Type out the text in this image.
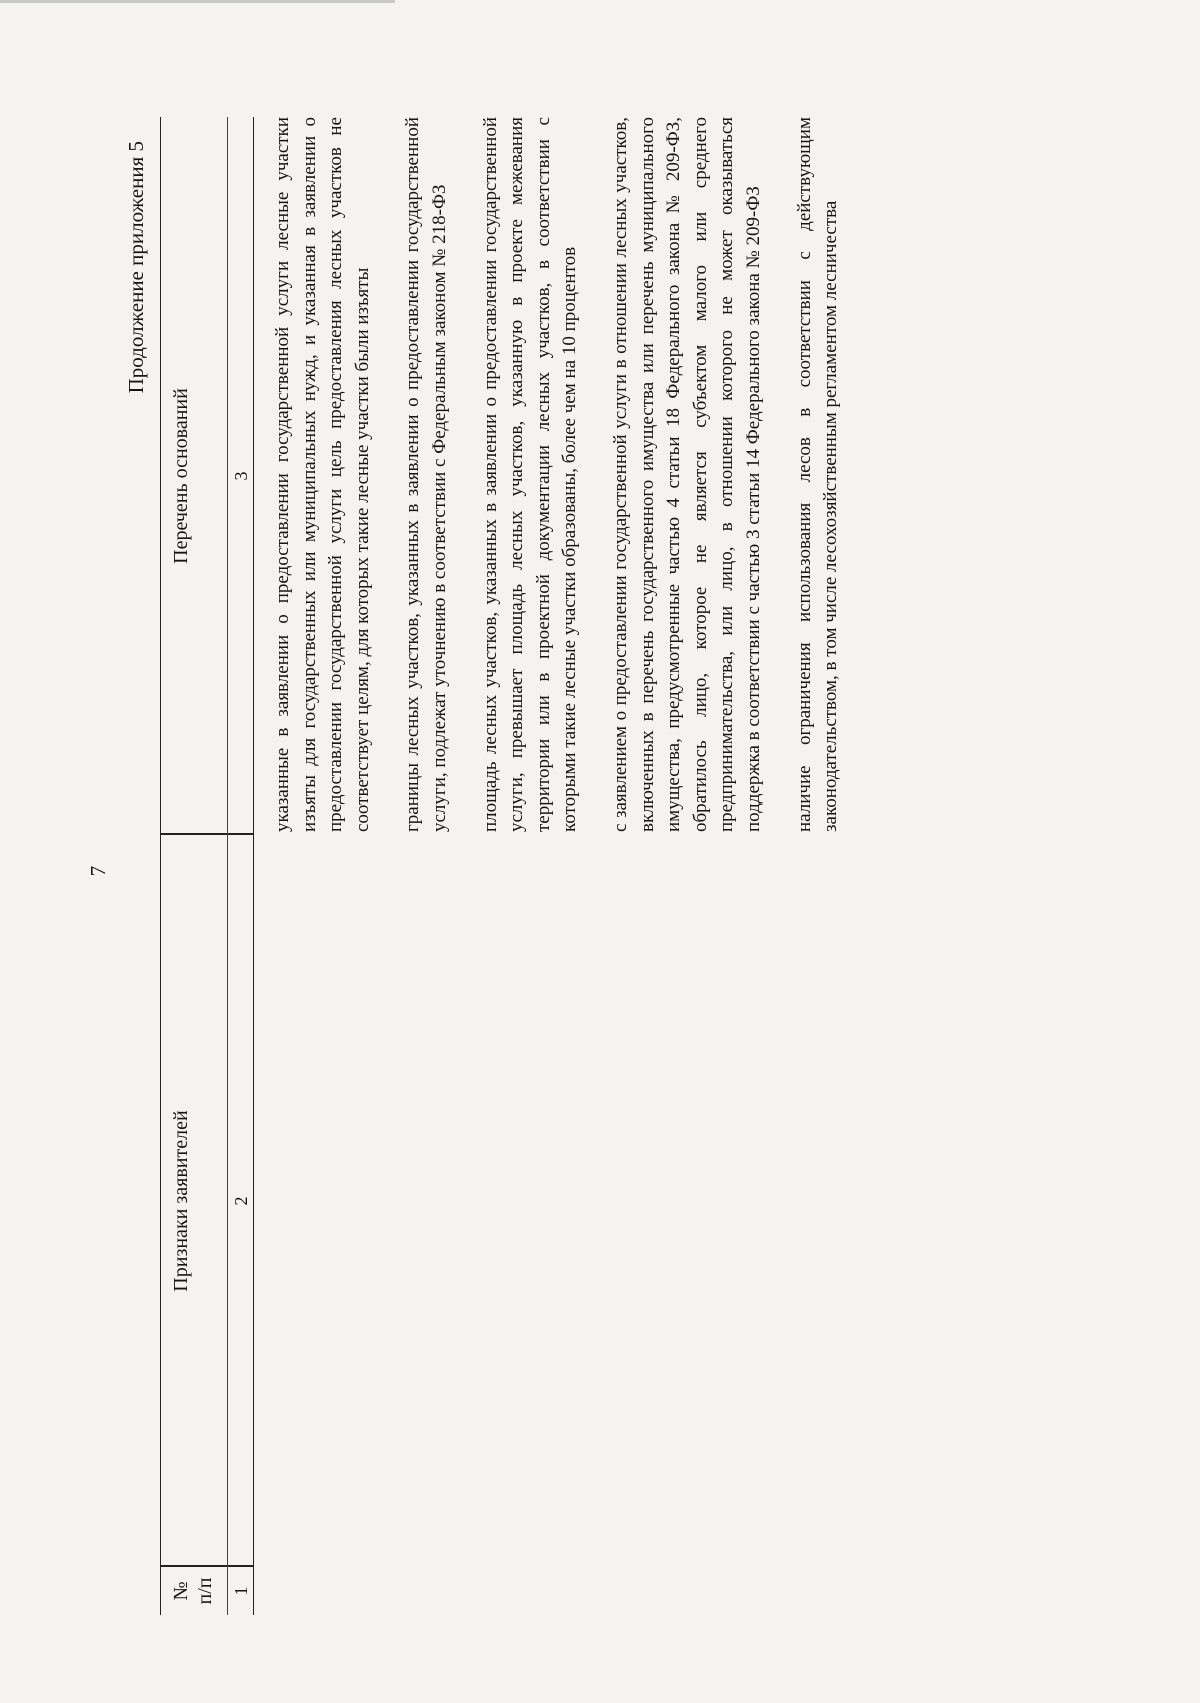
7
Продолжение приложения 5
№ п/п
Признаки заявителей
Перечень оснований
1
2
3 указанные в заявлении о предоставлении государственной услуги лесные участки изъяты для государственных или муниципальных нужд, и указанная в заявлении о предоставлении государственной услуги цель предоставления лесных участков не соответствует целям, для которых такие лесные участки были изъяты границы лесных участков, указанных в заявлении о предоставлении государственной услуги, подлежат уточнению в соответствии с Федеральным законом № 218-ФЗ площадь лесных участков, указанных в заявлении о предоставлении государственной услуги, превышает площадь лесных участков, указанную в проекте межевания территории или в проектной документации лесных участков, в соответствии с которыми такие лесные участки образованы, более чем на 10 процентов с заявлением о предоставлении государственной услуги в отношении лесных участков, включенных в перечень государственного имущества или перечень муниципального имущества, предусмотренные частью 4 статьи 18 Федерального закона № 209-ФЗ, обратилось лицо, которое не является субъектом малого или среднего предпринимательства, или лицо, в отношении которого не может оказываться поддержка в соответствии с частью 3 статьи 14 Федерального закона № 209-ФЗ наличие ограничения использования лесов в соответствии с действующим законодательством, в том числе лесохозяйственным регламентом лесничества
